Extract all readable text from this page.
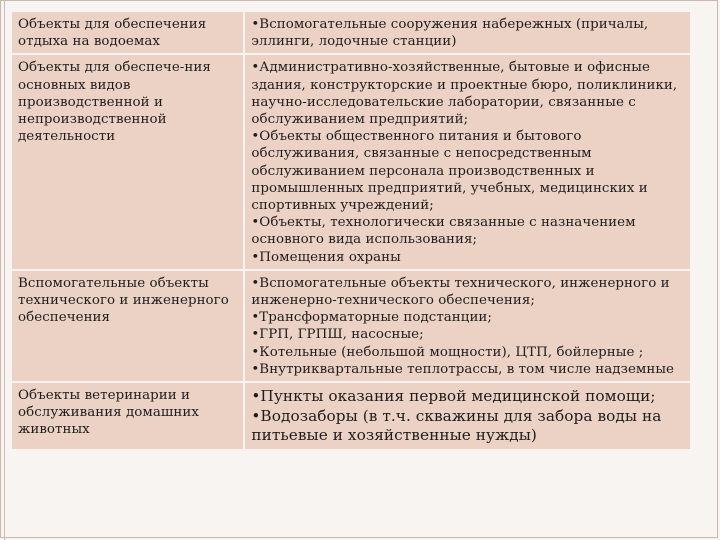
Объекты для обеспечения отдыха на водоемах	•Вспомогательные сооружения набережных (причалы, эллинги, лодочные станции)

Объекты для обеспече-ния основных видов производственной и непроизводственной деятельности	•Административно-хозяйственные, бытовые и офисные здания, конструкторские и проектные бюро, поликлиники, научно-исследовательские лаборатории, связанные с обслуживанием предприятий;
•Объекты общественного питания и бытового обслуживания, связанные с непосредственным обслуживанием персонала производственных и промышленных предприятий, учебных, медицинских и спортивных учреждений;
•Объекты, технологически связанные с назначением основного вида использования;
•Помещения охраны

Вспомогательные объекты технического и инженерного обеспечения	•Вспомогательные объекты технического, инженерного и инженерно-технического обеспечения;
•Трансформаторные подстанции;
•ГРП, ГРПШ, насосные;
•Котельные (небольшой мощности), ЦТП, бойлерные ;
•Внутриквартальные теплотрассы, в том числе надземные

Объекты ветеринарии и обслуживания домашних животных	•Пункты оказания первой медицинской помощи;
•Водозаборы (в т.ч. скважины для забора воды на питьевые и хозяйственные нужды)
